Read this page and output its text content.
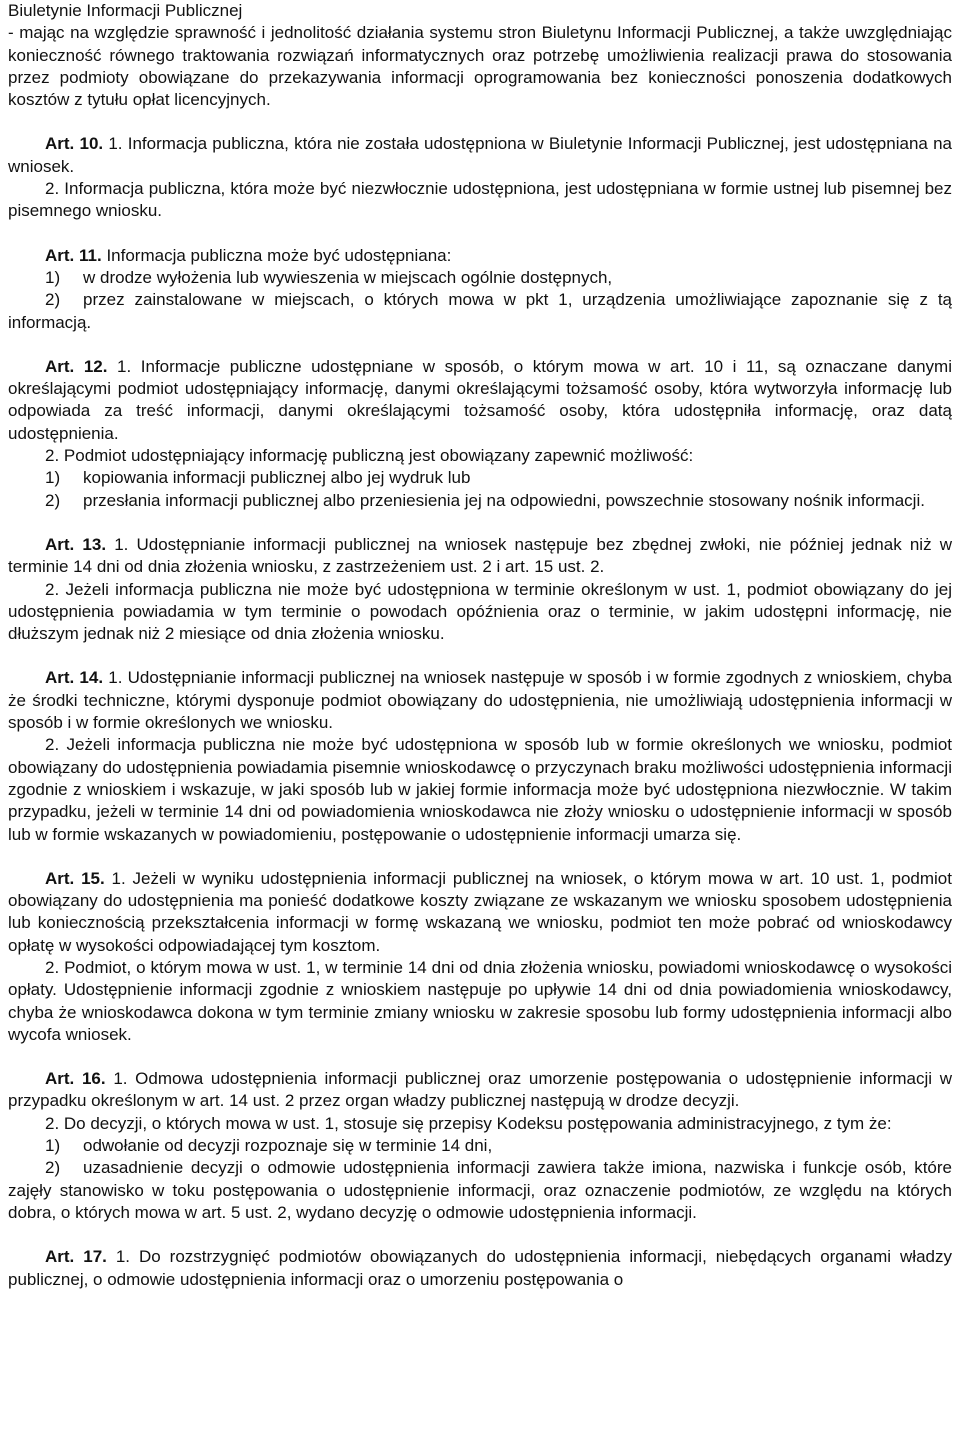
Biuletynie Informacji Publicznej

- mając na względzie sprawność i jednolitość działania systemu stron Biuletynu Informacji Publicznej, a także uwzględniając konieczność równego traktowania rozwiązań informatycznych oraz potrzebę umożliwienia realizacji prawa do stosowania przez podmioty obowiązane do przekazywania informacji oprogramowania bez konieczności ponoszenia dodatkowych kosztów z tytułu opłat licencyjnych.

Art. 10. 1. Informacja publiczna, która nie została udostępniona w Biuletynie Informacji Publicznej, jest udostępniana na wniosek.

2. Informacja publiczna, która może być niezwłocznie udostępniona, jest udostępniana w formie ustnej lub pisemnej bez pisemnego wniosku.

Art. 11. Informacja publiczna może być udostępniana:

1)	w drodze wyłożenia lub wywieszenia w miejscach ogólnie dostępnych,
2)	przez zainstalowane w miejscach, o których mowa w pkt 1, urządzenia umożliwiające zapoznanie się z tą informacją.

Art. 12. 1. Informacje publiczne udostępniane w sposób, o którym mowa w art. 10 i 11, są oznaczane danymi określającymi podmiot udostępniający informację, danymi określającymi tożsamość osoby, która wytworzyła informację lub odpowiada za treść informacji, danymi określającymi tożsamość osoby, która udostępniła informację, oraz datą udostępnienia.

2. Podmiot udostępniający informację publiczną jest obowiązany zapewnić możliwość:

1)	kopiowania informacji publicznej albo jej wydruk lub
2)	przesłania informacji publicznej albo przeniesienia jej na odpowiedni, powszechnie stosowany nośnik informacji.

Art. 13. 1. Udostępnianie informacji publicznej na wniosek następuje bez zbędnej zwłoki, nie później jednak niż w terminie 14 dni od dnia złożenia wniosku, z zastrzeżeniem ust. 2 i art. 15 ust. 2.

2. Jeżeli informacja publiczna nie może być udostępniona w terminie określonym w ust. 1, podmiot obowiązany do jej udostępnienia powiadamia w tym terminie o powodach opóźnienia oraz o terminie, w jakim udostępni informację, nie dłuższym jednak niż 2 miesiące od dnia złożenia wniosku.

Art. 14. 1. Udostępnianie informacji publicznej na wniosek następuje w sposób i w formie zgodnych z wnioskiem, chyba że środki techniczne, którymi dysponuje podmiot obowiązany do udostępnienia, nie umożliwiają udostępnienia informacji w sposób i w formie określonych we wniosku.

2. Jeżeli informacja publiczna nie może być udostępniona w sposób lub w formie określonych we wniosku, podmiot obowiązany do udostępnienia powiadamia pisemnie wnioskodawcę o przyczynach braku możliwości udostępnienia informacji zgodnie z wnioskiem i wskazuje, w jaki sposób lub w jakiej formie informacja może być udostępniona niezwłocznie. W takim przypadku, jeżeli w terminie 14 dni od powiadomienia wnioskodawca nie złoży wniosku o udostępnienie informacji w sposób lub w formie wskazanych w powiadomieniu, postępowanie o udostępnienie informacji umarza się.

Art. 15. 1. Jeżeli w wyniku udostępnienia informacji publicznej na wniosek, o którym mowa w art. 10 ust. 1, podmiot obowiązany do udostępnienia ma ponieść dodatkowe koszty związane ze wskazanym we wniosku sposobem udostępnienia lub koniecznością przekształcenia informacji w formę wskazaną we wniosku, podmiot ten może pobrać od wnioskodawcy opłatę w wysokości odpowiadającej tym kosztom.

2. Podmiot, o którym mowa w ust. 1, w terminie 14 dni od dnia złożenia wniosku, powiadomi wnioskodawcę o wysokości opłaty. Udostępnienie informacji zgodnie z wnioskiem następuje po upływie 14 dni od dnia powiadomienia wnioskodawcy, chyba że wnioskodawca dokona w tym terminie zmiany wniosku w zakresie sposobu lub formy udostępnienia informacji albo wycofa wniosek.

Art. 16. 1. Odmowa udostępnienia informacji publicznej oraz umorzenie postępowania o udostępnienie informacji w przypadku określonym w art. 14 ust. 2 przez organ władzy publicznej następują w drodze decyzji.

2. Do decyzji, o których mowa w ust. 1, stosuje się przepisy Kodeksu postępowania administracyjnego, z tym że:

1)	odwołanie od decyzji rozpoznaje się w terminie 14 dni,
2)	uzasadnienie decyzji o odmowie udostępnienia informacji zawiera także imiona, nazwiska i funkcje osób, które zajęły stanowisko w toku postępowania o udostępnienie informacji, oraz oznaczenie podmiotów, ze względu na których dobra, o których mowa w art. 5 ust. 2, wydano decyzję o odmowie udostępnienia informacji.

Art. 17. 1. Do rozstrzygnięć podmiotów obowiązanych do udostępnienia informacji, niebędących organami władzy publicznej, o odmowie udostępnienia informacji oraz o umorzeniu postępowania o
